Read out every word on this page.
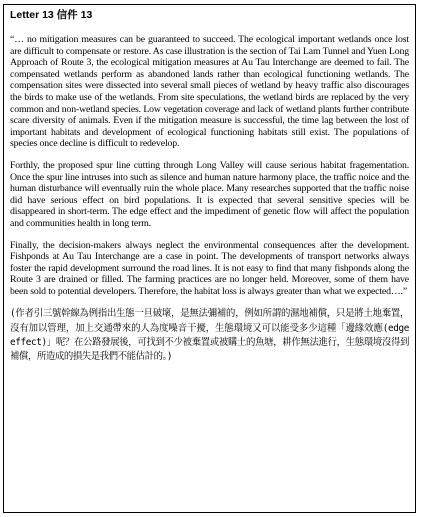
Letter 13 信件 13

“… no mitigation measures can be guaranteed to succeed. The ecological important wetlands once lost are difficult to compensate or restore. As case illustration is the section of Tai Lam Tunnel and Yuen Long Approach of Route 3, the ecological mitigation measures at Au Tau Interchange are deemed to fail. The compensated wetlands perform as abandoned lands rather than ecological functioning wetlands. The compensation sites were dissected into several small pieces of wetland by heavy traffic also discourages the birds to make use of the wetlands. From site speculations, the wetland birds are replaced by the very common and non-wetland species. Low vegetation coverage and lack of wetland plants further contribute scare diversity of animals. Even if the mitigation measure is successful, the time lag between the lost of important habitats and development of ecological functioning habitats still exist. The populations of species once decline is difficult to redevelop.

Forthly, the proposed spur line cutting through Long Valley will cause serious habitat fragementation. Once the spur line intruses into such as silence and human nature harmony place, the traffic noice and the human disturbance will eventually ruin the whole place. Many researches supported that the traffic noise did have serious effect on bird populations. It is expected that several sensitive species will be disappeared in short-term. The edge effect and the impediment of genetic flow will affect the population and communities health in long term.

Finally, the decision-makers always neglect the environmental consequences after the development. Fishponds at Au Tau Interchange are a case in point. The developments of transport networks always foster the rapid development surround the road lines. It is not easy to find that many fishponds along the Route 3 are drained or filled. The farming practices are no longer held. Moreover, some of them have been sold to potential developers. Therefore, the habitat loss is always greater than what we expected….”

(作者引三號幹線為例指出生態一旦破壞，是無法彌補的，例如所謂的濕地補償，只是將土地棄置，沒有加以管理，加上交通帶來的人為度噪音干擾，生態環境又可以能受多少這種「邊緣效應(edge effect)」呢？在公路發展後，可找到不少被棄置或被購土的魚塘，耕作無法進行，生態環境沒得到補償，所造成的損失是我們不能估計的。)
